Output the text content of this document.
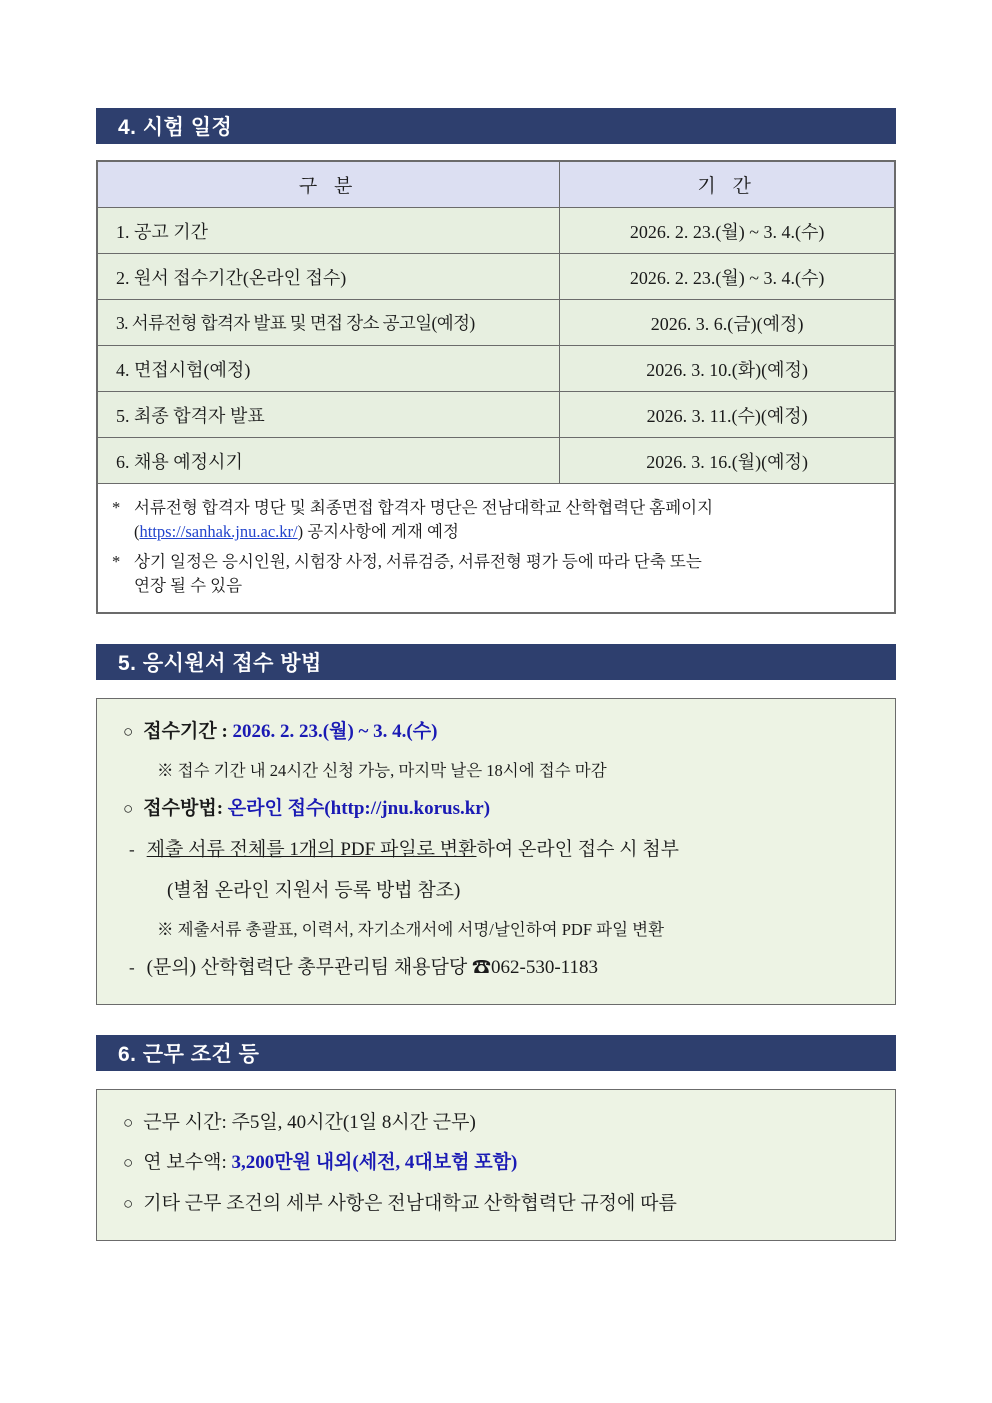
4. 시험 일정
구 분	기 간
1. 공고 기간	2026. 2. 23.(월) ~ 3. 4.(수)
2. 원서 접수기간(온라인 접수)	2026. 2. 23.(월) ~ 3. 4.(수)
3. 서류전형 합격자 발표 및 면접 장소 공고일(예정)	2026. 3. 6.(금)(예정)
4. 면접시험(예정)	2026. 3. 10.(화)(예정)
5. 최종 합격자 발표	2026. 3. 11.(수)(예정)
6. 채용 예정시기	2026. 3. 16.(월)(예정)
* 서류전형 합격자 명단 및 최종면접 합격자 명단은 전남대학교 산학협력단 홈페이지
(https://sanhak.jnu.ac.kr/) 공지사항에 게재 예정
* 상기 일정은 응시인원, 시험장 사정, 서류검증, 서류전형 평가 등에 따라 단축 또는
연장 될 수 있음
5. 응시원서 접수 방법
○ 접수기간 : 2026. 2. 23.(월) ~ 3. 4.(수)
※ 접수 기간 내 24시간 신청 가능, 마지막 날은 18시에 접수 마감
○ 접수방법: 온라인 접수(http://jnu.korus.kr)
- 제출 서류 전체를 1개의 PDF 파일로 변환하여 온라인 접수 시 첨부
(별첨 온라인 지원서 등록 방법 참조)
※ 제출서류 총괄표, 이력서, 자기소개서에 서명/날인하여 PDF 파일 변환
- (문의) 산학협력단 총무관리팀 채용담당 ☎062-530-1183
6. 근무 조건 등
○ 근무 시간: 주5일, 40시간(1일 8시간 근무)
○ 연 보수액: 3,200만원 내외(세전, 4대보험 포함)
○ 기타 근무 조건의 세부 사항은 전남대학교 산학협력단 규정에 따름
